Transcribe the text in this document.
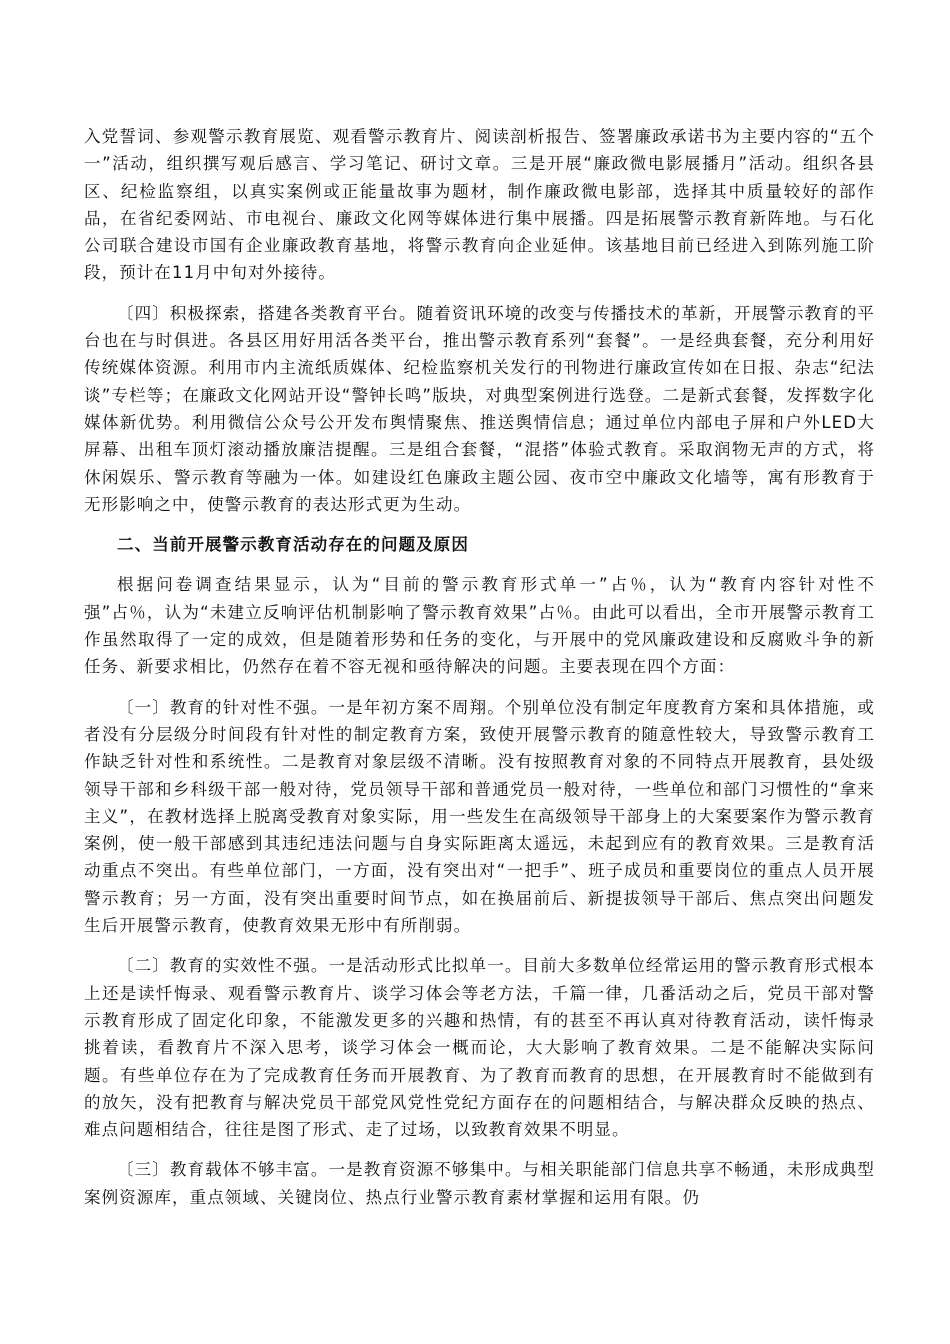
入党誓词、参观警示教育展览、观看警示教育片、阅读剖析报告、签署廉政承诺书为主要内容的“五个一”活动，组织撰写观后感言、学习笔记、研讨文章。三是开展“廉政微电影展播月”活动。组织各县区、纪检监察组，以真实案例或正能量故事为题材，制作廉政微电影部，选择其中质量较好的部作品，在省纪委网站、市电视台、廉政文化网等媒体进行集中展播。四是拓展警示教育新阵地。与石化公司联合建设市国有企业廉政教育基地，将警示教育向企业延伸。该基地目前已经进入到陈列施工阶段，预计在11月中旬对外接待。

〔四〕积极探索，搭建各类教育平台。随着资讯环境的改变与传播技术的革新，开展警示教育的平台也在与时俱进。各县区用好用活各类平台，推出警示教育系列“套餐”。一是经典套餐，充分利用好传统媒体资源。利用市内主流纸质媒体、纪检监察机关发行的刊物进行廉政宣传如在日报、杂志“纪法谈”专栏等；在廉政文化网站开设“警钟长鸣”版块，对典型案例进行选登。二是新式套餐，发挥数字化媒体新优势。利用微信公众号公开发布舆情聚焦、推送舆情信息；通过单位内部电子屏和户外LED大屏幕、出租车顶灯滚动播放廉洁提醒。三是组合套餐，“混搭”体验式教育。采取润物无声的方式，将休闲娱乐、警示教育等融为一体。如建设红色廉政主题公园、夜市空中廉政文化墙等，寓有形教育于无形影响之中，使警示教育的表达形式更为生动。

二、当前开展警示教育活动存在的问题及原因

根据问卷调查结果显示，认为“目前的警示教育形式单一”占％，认为“教育内容针对性不强”占％，认为“未建立反响评估机制影响了警示教育效果”占％。由此可以看出，全市开展警示教育工作虽然取得了一定的成效，但是随着形势和任务的变化，与开展中的党风廉政建设和反腐败斗争的新任务、新要求相比，仍然存在着不容无视和亟待解决的问题。主要表现在四个方面：

〔一〕教育的针对性不强。一是年初方案不周翔。个别单位没有制定年度教育方案和具体措施，或者没有分层级分时间段有针对性的制定教育方案，致使开展警示教育的随意性较大，导致警示教育工作缺乏针对性和系统性。二是教育对象层级不清晰。没有按照教育对象的不同特点开展教育，县处级领导干部和乡科级干部一般对待，党员领导干部和普通党员一般对待，一些单位和部门习惯性的“拿来主义”，在教材选择上脱离受教育对象实际，用一些发生在高级领导干部身上的大案要案作为警示教育案例，使一般干部感到其违纪违法问题与自身实际距离太遥远，未起到应有的教育效果。三是教育活动重点不突出。有些单位部门，一方面，没有突出对“一把手”、班子成员和重要岗位的重点人员开展警示教育；另一方面，没有突出重要时间节点，如在换届前后、新提拔领导干部后、焦点突出问题发生后开展警示教育，使教育效果无形中有所削弱。

〔二〕教育的实效性不强。一是活动形式比拟单一。目前大多数单位经常运用的警示教育形式根本上还是读忏悔录、观看警示教育片、谈学习体会等老方法，千篇一律，几番活动之后，党员干部对警示教育形成了固定化印象，不能激发更多的兴趣和热情，有的甚至不再认真对待教育活动，读忏悔录挑着读，看教育片不深入思考，谈学习体会一概而论，大大影响了教育效果。二是不能解决实际问题。有些单位存在为了完成教育任务而开展教育、为了教育而教育的思想，在开展教育时不能做到有的放矢，没有把教育与解决党员干部党风党性党纪方面存在的问题相结合，与解决群众反映的热点、难点问题相结合，往往是图了形式、走了过场，以致教育效果不明显。

〔三〕教育载体不够丰富。一是教育资源不够集中。与相关职能部门信息共享不畅通，未形成典型案例资源库，重点领域、关键岗位、热点行业警示教育素材掌握和运用有限。仍
